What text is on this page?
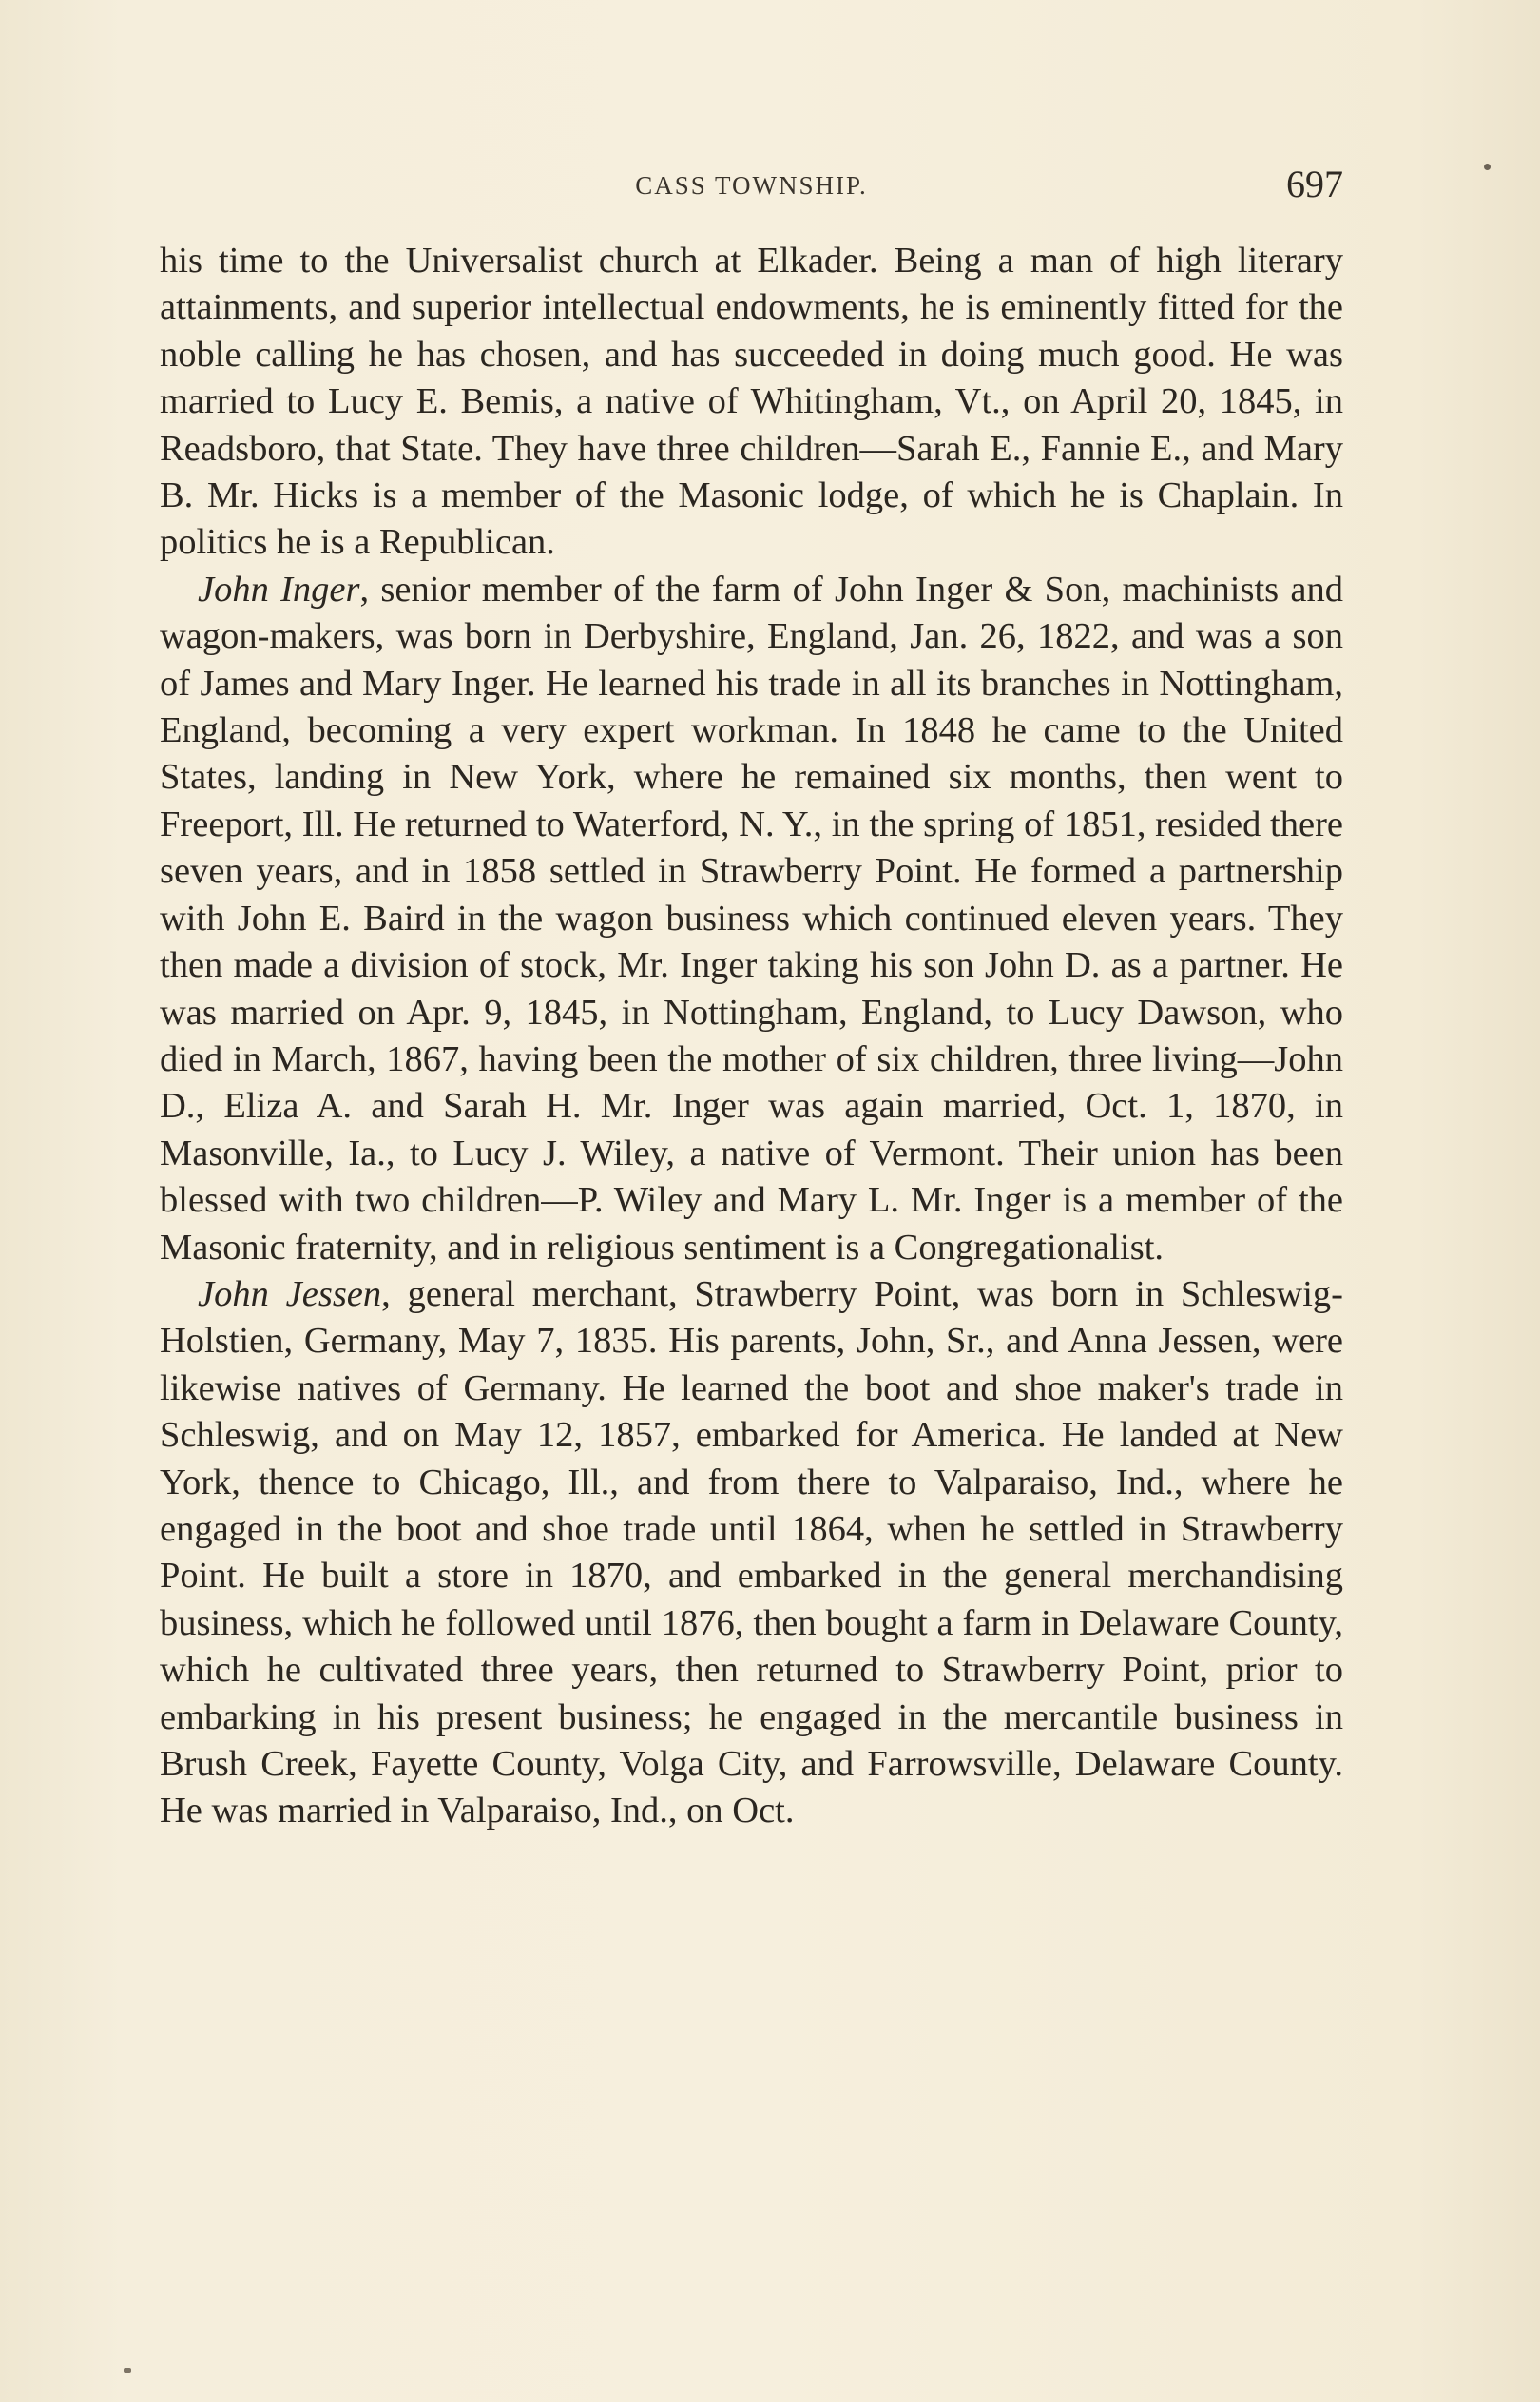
CASS TOWNSHIP.	697

his time to the Universalist church at Elkader. Being a man of high literary attainments, and superior intellectual endowments, he is eminently fitted for the noble calling he has chosen, and has succeeded in doing much good. He was married to Lucy E. Bemis, a native of Whitingham, Vt., on April 20, 1845, in Readsboro, that State. They have three children—Sarah E., Fannie E., and Mary B. Mr. Hicks is a member of the Masonic lodge, of which he is Chaplain. In politics he is a Republican.

John Inger, senior member of the farm of John Inger & Son, machinists and wagon-makers, was born in Derbyshire, England, Jan. 26, 1822, and was a son of James and Mary Inger. He learned his trade in all its branches in Nottingham, England, becoming a very expert workman. In 1848 he came to the United States, landing in New York, where he remained six months, then went to Freeport, Ill. He returned to Waterford, N. Y., in the spring of 1851, resided there seven years, and in 1858 settled in Strawberry Point. He formed a partnership with John E. Baird in the wagon business which continued eleven years. They then made a division of stock, Mr. Inger taking his son John D. as a partner. He was married on Apr. 9, 1845, in Nottingham, England, to Lucy Dawson, who died in March, 1867, having been the mother of six children, three living—John D., Eliza A. and Sarah H. Mr. Inger was again married, Oct. 1, 1870, in Masonville, Ia., to Lucy J. Wiley, a native of Vermont. Their union has been blessed with two children—P. Wiley and Mary L. Mr. Inger is a member of the Masonic fraternity, and in religious sentiment is a Congregationalist.

John Jessen, general merchant, Strawberry Point, was born in Schleswig-Holstien, Germany, May 7, 1835. His parents, John, Sr., and Anna Jessen, were likewise natives of Germany. He learned the boot and shoe maker's trade in Schleswig, and on May 12, 1857, embarked for America. He landed at New York, thence to Chicago, Ill., and from there to Valparaiso, Ind., where he engaged in the boot and shoe trade until 1864, when he settled in Strawberry Point. He built a store in 1870, and embarked in the general merchandising business, which he followed until 1876, then bought a farm in Delaware County, which he cultivated three years, then returned to Strawberry Point, prior to embarking in his present business; he engaged in the mercantile business in Brush Creek, Fayette County, Volga City, and Farrowsville, Delaware County. He was married in Valparaiso, Ind., on Oct.
